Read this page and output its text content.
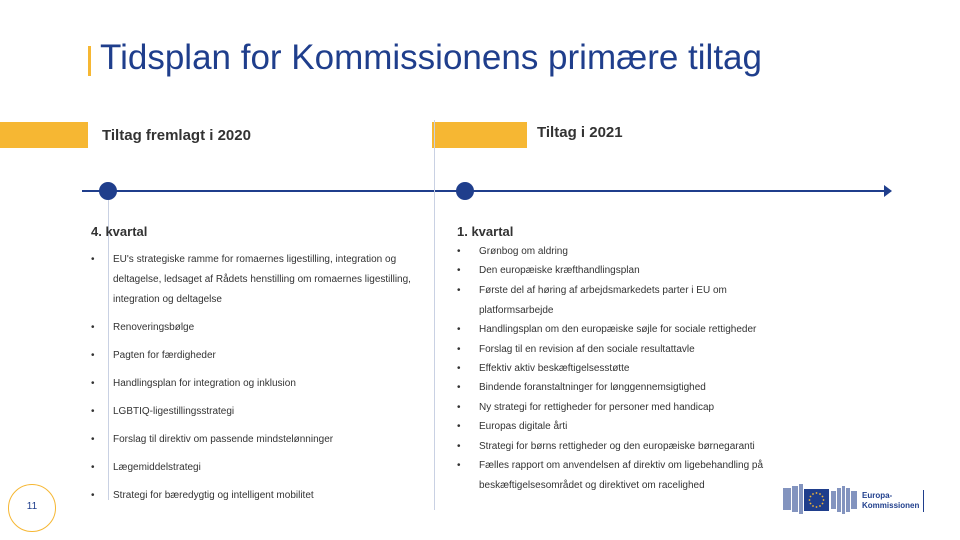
Tidsplan for Kommissionens primære tiltag
Tiltag fremlagt i 2020	Tiltag i 2021
4. kvartal	1. kvartal
• EU's strategiske ramme for romaernes ligestilling, integration og deltagelse, ledsaget af Rådets henstilling om romaernes ligestilling, integration og deltagelse
• Renoveringsbølge
• Pagten for færdigheder
• Handlingsplan for integration og inklusion
• LGBTIQ-ligestillingsstrategi
• Forslag til direktiv om passende mindstelønninger
• Lægemiddelstrategi
• Strategi for bæredygtig og intelligent mobilitet
• Grønbog om aldring
• Den europæiske kræfthandlingsplan
• Første del af høring af arbejdsmarkedets parter i EU om
platformsarbejde
• Handlingsplan om den europæiske søjle for sociale rettigheder
• Forslag til en revision af den sociale resultattavle
• Effektiv aktiv beskæftigelsesstøtte
• Bindende foranstaltninger for lønggennemsigtighed
• Ny strategi for rettigheder for personer med handicap
• Europas digitale årti
• Strategi for børns rettigheder og den europæiske børnegaranti
• Fælles rapport om anvendelsen af direktiv om ligebehandling på
beskæftigelsesområdet og direktivet om racelighed
11
Europa-
Kommissionen
